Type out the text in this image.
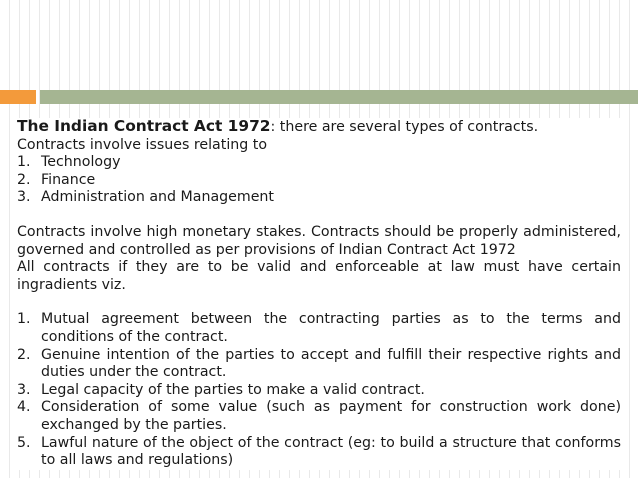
The Indian Contract Act 1972: there are several types of contracts.

Contracts involve issues relating to

1. Technology
2. Finance
3. Administration and Management

Contracts involve high monetary stakes. Contracts should be properly administered, governed and controlled as per provisions of Indian Contract Act 1972

All contracts if they are to be valid and enforceable at law must have certain ingradients viz.

1. Mutual agreement between the contracting parties as to the terms and conditions of the contract.
2. Genuine intention of the parties to accept and fulfill their respective rights and duties under the contract.
3. Legal capacity of the parties to make a valid contract.
4. Consideration of some value (such as payment for construction work done) exchanged by the parties.
5. Lawful nature of the object of the contract (eg: to build a structure that conforms to all laws and regulations)
